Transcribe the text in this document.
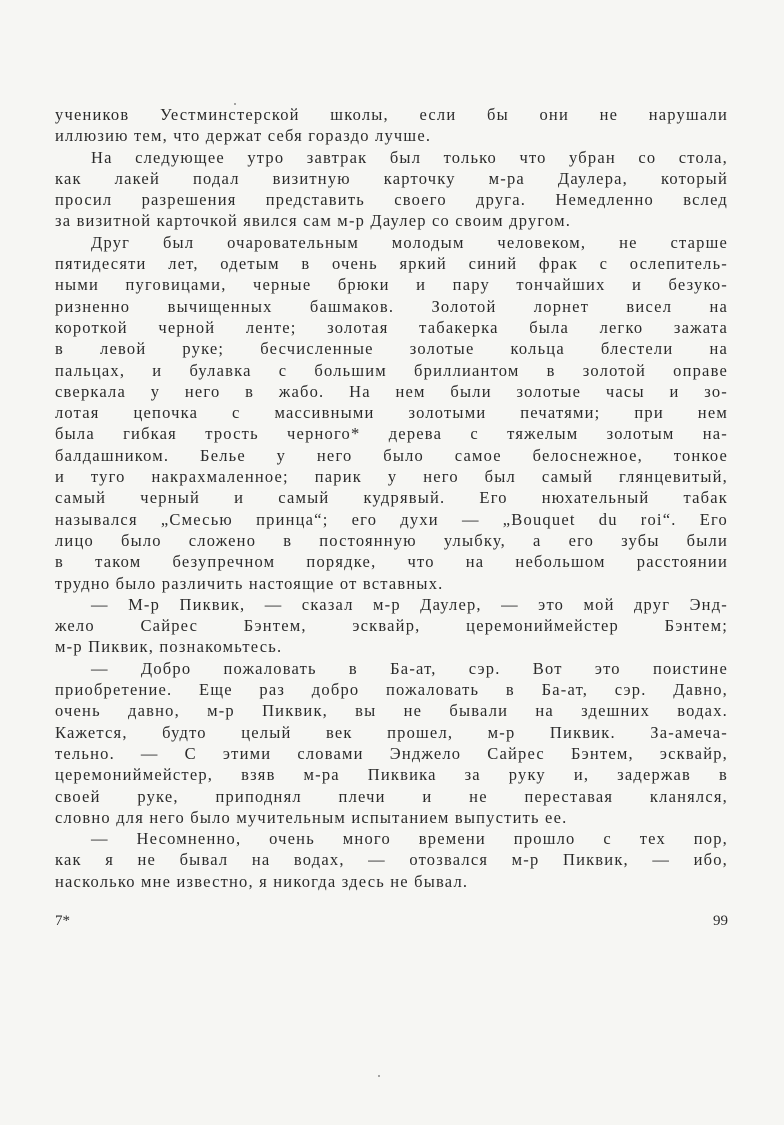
учеников Уестминстерской школы, если бы они не нарушали
иллюзию тем, что держат себя гораздо лучше.
На следующее утро завтрак был только что убран со стола,
как лакей подал визитную карточку м-ра Даулера, который
просил разрешения представить своего друга. Немедленно вслед
за визитной карточкой явился сам м-р Даулер со своим другом.
Друг был очаровательным молодым человеком, не старше
пятидесяти лет, одетым в очень яркий синий фрак с ослепитель-
ными пуговицами, черные брюки и пару тончайших и безуко-
ризненно вычищенных башмаков. Золотой лорнет висел на
короткой черной ленте; золотая табакерка была легко зажата
в левой руке; бесчисленные золотые кольца блестели на
пальцах, и булавка с большим бриллиантом в золотой оправе
сверкала у него в жабо. На нем были золотые часы и зо-
лотая цепочка с массивными золотыми печатями; при нем
была гибкая трость черного* дерева с тяжелым золотым на-
балдашником. Белье у него было самое белоснежное, тонкое
и туго накрахмаленное; парик у него был самый глянцевитый,
самый черный и самый кудрявый. Его нюхательный табак
назывался „Смесью принца“; его духи — „Bouquet du roi“. Его
лицо было сложено в постоянную улыбку, а его зубы были
в таком безупречном порядке, что на небольшом расстоянии
трудно было различить настоящие от вставных.
— М-р Пиквик, — сказал м-р Даулер, — это мой друг Энд-
жело Сайрес Бэнтем, эсквайр, церемониймейстер Бэнтем;
м-р Пиквик, познакомьтесь.
— Добро пожаловать в Ба-ат, сэр. Вот это поистине
приобретение. Еще раз добро пожаловать в Ба-ат, сэр. Давно,
очень давно, м-р Пиквик, вы не бывали на здешних водах.
Кажется, будто целый век прошел, м-р Пиквик. За-амеча-
тельно. — С этими словами Энджело Сайрес Бэнтем, эсквайр,
церемониймейстер, взяв м-ра Пиквика за руку и, задержав в
своей руке, приподнял плечи и не переставая кланялся,
словно для него было мучительным испытанием выпустить ее.
— Несомненно, очень много времени прошло с тех пор,
как я не бывал на водах, — отозвался м-р Пиквик, — ибо,
насколько мне известно, я никогда здесь не бывал.
7*	99
